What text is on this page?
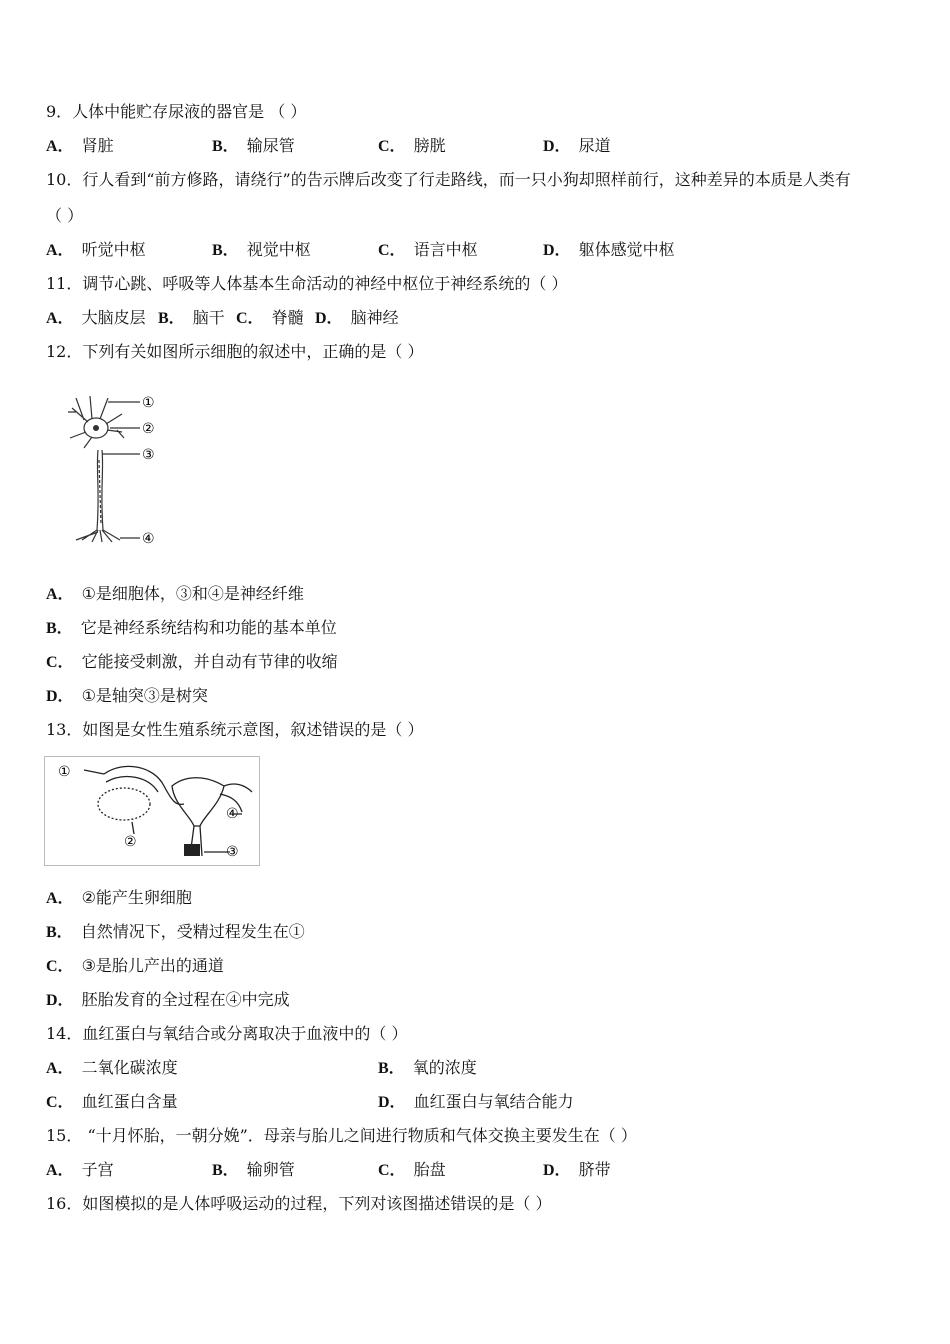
9．人体中能贮存尿液的器官是 （ ）
A． 肾脏	B． 输尿管	C． 膀胱	D． 尿道
10．行人看到“前方修路，请绕行”的告示牌后改变了行走路线，而一只小狗却照样前行，这种差异的本质是人类有
（ ）
A． 听觉中枢	B． 视觉中枢	C． 语言中枢	D． 躯体感觉中枢
11．调节心跳、呼吸等人体基本生命活动的神经中枢位于神经系统的（ ）
A． 大脑皮层 B． 脑干 C． 脊髓 D． 脑神经
12．下列有关如图所示细胞的叙述中，正确的是（ ）
①
②
③
④
A． ①是细胞体，③和④是神经纤维
B． 它是神经系统结构和功能的基本单位
C． 它能接受刺激，并自动有节律的收缩
D． ①是轴突③是树突
13．如图是女性生殖系统示意图，叙述错误的是（ ）
①
②
③
④
A． ②能产生卵细胞
B． 自然情况下，受精过程发生在①
C． ③是胎儿产出的通道
D． 胚胎发育的全过程在④中完成
14．血红蛋白与氧结合或分离取决于血液中的（ ）
A． 二氧化碳浓度	B． 氧的浓度
C． 血红蛋白含量	D． 血红蛋白与氧结合能力
15． “十月怀胎，一朝分娩”．母亲与胎儿之间进行物质和气体交换主要发生在（ ）
A． 子宫	B． 输卵管	C． 胎盘	D． 脐带
16．如图模拟的是人体呼吸运动的过程，下列对该图描述错误的是（ ）
